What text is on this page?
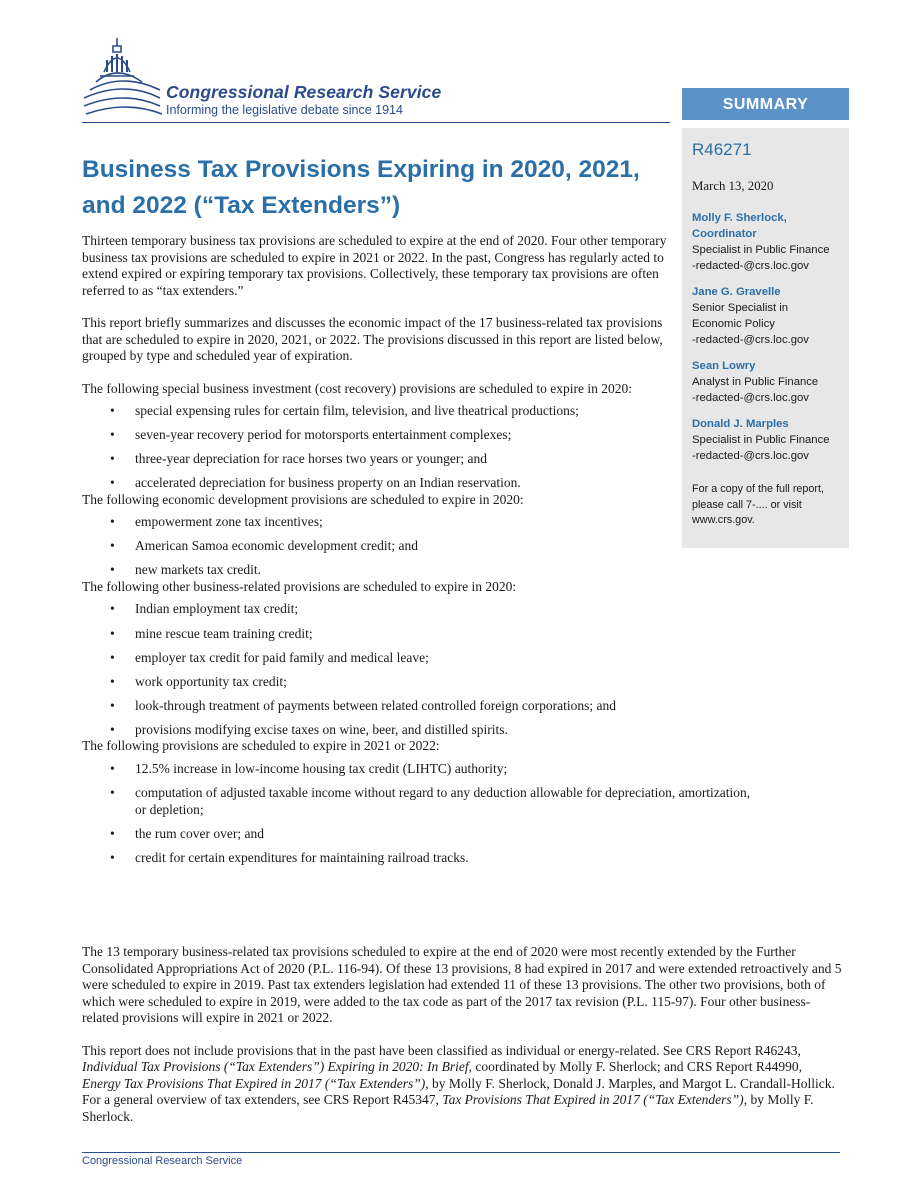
Congressional Research Service
Informing the legislative debate since 1914	SUMMARY
R46271
March 13, 2020
Molly F. Sherlock,
Coordinator
Specialist in Public Finance
-redacted-@crs.loc.gov
Jane G. Gravelle
Senior Specialist in
Economic Policy
-redacted-@crs.loc.gov
Sean Lowry
Analyst in Public Finance
-redacted-@crs.loc.gov
Donald J. Marples
Specialist in Public Finance
-redacted-@crs.loc.gov
For a copy of the full report,
please call 7-.... or visit
www.crs.gov.
Business Tax Provisions Expiring in 2020, 2021,
and 2022 (“Tax Extenders”)

Thirteen temporary business tax provisions are scheduled to expire at the end of 2020. Four other temporary business tax provisions are scheduled to expire in 2021 or 2022. In the past, Congress has regularly acted to extend expired or expiring temporary tax provisions. Collectively, these temporary tax provisions are often referred to as “tax extenders.”

This report briefly summarizes and discusses the economic impact of the 17 business-related tax provisions that are scheduled to expire in 2020, 2021, or 2022. The provisions discussed in this report are listed below, grouped by type and scheduled year of expiration.

The following special business investment (cost recovery) provisions are scheduled to expire in 2020:

• special expensing rules for certain film, television, and live theatrical productions;
• seven-year recovery period for motorsports entertainment complexes;
• three-year depreciation for race horses two years or younger; and
• accelerated depreciation for business property on an Indian reservation.

The following economic development provisions are scheduled to expire in 2020:

• empowerment zone tax incentives;
• American Samoa economic development credit; and
• new markets tax credit.

The following other business-related provisions are scheduled to expire in 2020:

• Indian employment tax credit;
• mine rescue team training credit;
• employer tax credit for paid family and medical leave;
• work opportunity tax credit;
• look-through treatment of payments between related controlled foreign corporations; and
• provisions modifying excise taxes on wine, beer, and distilled spirits.

The following provisions are scheduled to expire in 2021 or 2022:

• 12.5% increase in low-income housing tax credit (LIHTC) authority;
• computation of adjusted taxable income without regard to any deduction allowable for depreciation, amortization, or depletion;
• the rum cover over; and
• credit for certain expenditures for maintaining railroad tracks.

The 13 temporary business-related tax provisions scheduled to expire at the end of 2020 were most recently extended by the Further Consolidated Appropriations Act of 2020 (P.L. 116-94). Of these 13 provisions, 8 had expired in 2017 and were extended retroactively and 5 were scheduled to expire in 2019. Past tax extenders legislation had extended 11 of these 13 provisions. The other two provisions, both of which were scheduled to expire in 2019, were added to the tax code as part of the 2017 tax revision (P.L. 115-97). Four other business-related provisions will expire in 2021 or 2022.

This report does not include provisions that in the past have been classified as individual or energy-related. See CRS Report R46243, Individual Tax Provisions (“Tax Extenders”) Expiring in 2020: In Brief, coordinated by Molly F. Sherlock; and CRS Report R44990, Energy Tax Provisions That Expired in 2017 (“Tax Extenders”), by Molly F. Sherlock, Donald J. Marples, and Margot L. Crandall-Hollick. For a general overview of tax extenders, see CRS Report R45347, Tax Provisions That Expired in 2017 (“Tax Extenders”), by Molly F. Sherlock.

Congressional Research Service
